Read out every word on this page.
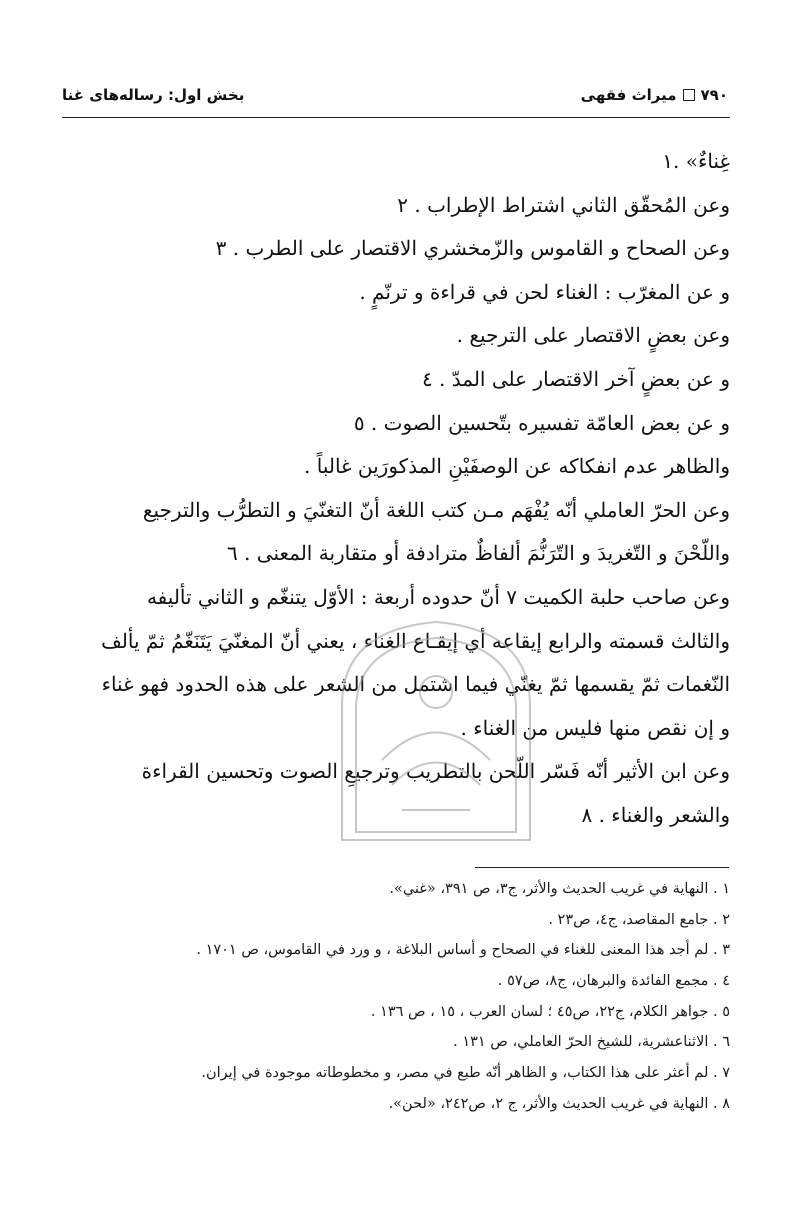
٧٩٠
ميراث فقهى
بخش اول: رساله‌هاى غنا
غِناءٌ» .١
وعن المُحقّق الثاني اشتراط الإطراب . ٢
وعن الصحاح و القاموس والزّمخشري الاقتصار على الطرب . ٣
و عن المغرّب : الغناء لحن في قراءة و ترنّمٍ .
وعن بعضٍ الاقتصار على الترجيع .
و عن بعضٍ آخر الاقتصار على المدّ . ٤
و عن بعض العامّة تفسيره بتّحسين الصوت . ٥
والظاهر عدم انفكاكه عن الوصفَيْنِ المذكورَين غالباً .
وعن الحرّ العاملي أنّه يُفْهَم مـن كتب اللغة أنّ التغنّيَ و التطرُّب والترجيع
واللّحْنَ و التّغريدَ و التّرَنُّمَ ألفاظٌ مترادفة أو متقاربة المعنى . ٦
وعن صاحب حلبة الكميت ٧ أنّ حدوده أربعة : الأوّل يتنغّم و الثاني تأليفه
والثالث قسمته والرابع إيقاعه أي إيقـاع الغناء ، يعني أنّ المغنّيَ يَتَنَغّمُ ثمّ يألف
النّغمات ثمّ يقسمها ثمّ يغنّي فيما اشتمل من الشعر على هذه الحدود فهو غناء
و إن نقص منها فليس من الغناء .
وعن ابن الأثير أنّه فَسّر اللّحن بالتطريب وترجيعِ الصوت وتحسين القراءة
والشعر والغناء . ٨
١ . النهاية في غريب الحديث والأثر، ج٣، ص ٣٩١، «غني».
٢ . جامع المقاصد، ج٤، ص٢٣ .
٣ . لم أجد هذا المعنى للغناء في الصحاح و أساس البلاغة ، و ورد في القاموس، ص ١٧٠١ .
٤ . مجمع الفائدة والبرهان، ج٨، ص٥٧ .
٥ . جواهر الكلام، ج٢٢، ص٤٥ ؛ لسان العرب ، ١٥ ، ص ١٣٦ .
٦ . الاثناعشرية، للشيخ الحرّ العاملي، ص ١٣١ .
٧ . لم أعثر على هذا الكتاب، و الظاهر أنّه طبع في مصر، و مخطوطاته موجودة في إيران.
٨ . النهاية في غريب الحديث والأثر، ج ٢، ص٢٤٢، «لحن».
